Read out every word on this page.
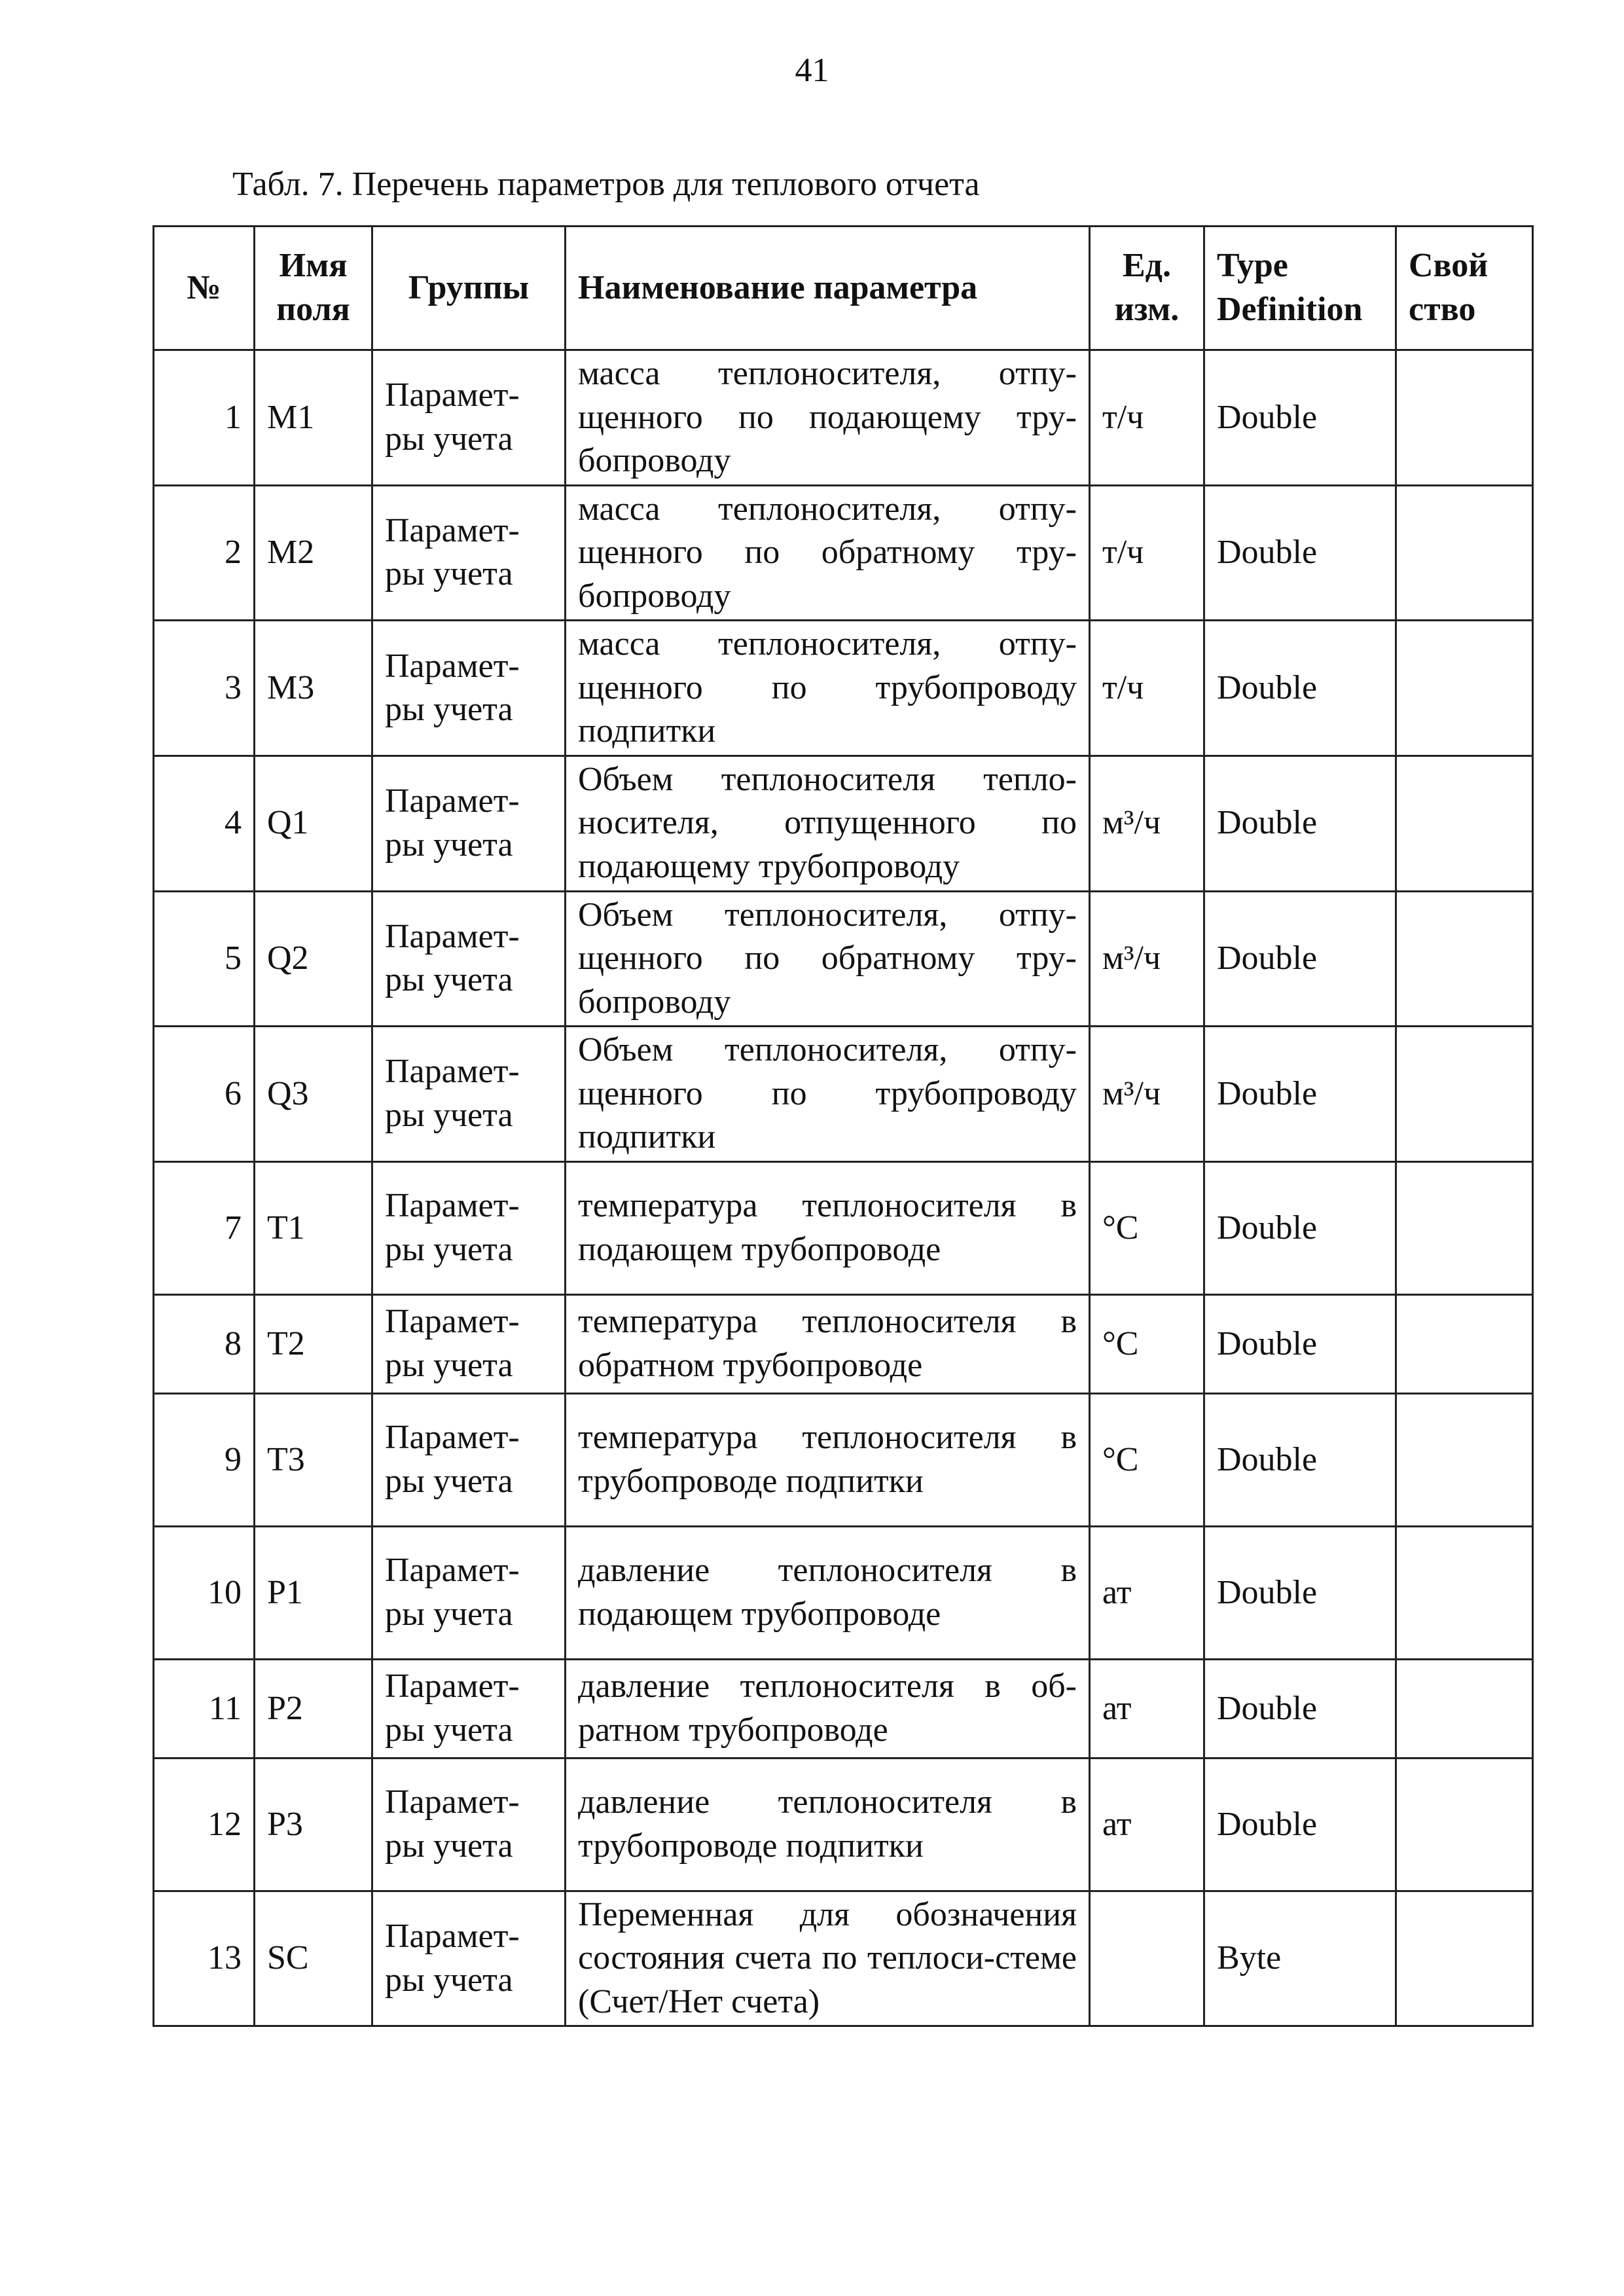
41
Табл. 7. Перечень параметров для теплового отчета
№	Имя поля	Группы	Наименование параметра	Ед. изм.	Type Definition	Свой ство
1	M1	Парамет-ры учета	масса теплоносителя, отпу-щенного по подающему тру-бопроводу	т/ч	Double	
2	M2	Парамет-ры учета	масса теплоносителя, отпу-щенного по обратному тру-бопроводу	т/ч	Double	
3	M3	Парамет-ры учета	масса теплоносителя, отпу-щенного по трубопроводу подпитки	т/ч	Double	
4	Q1	Парамет-ры учета	Объем теплоносителя тепло-носителя, отпущенного по подающему трубопроводу	м³/ч	Double	
5	Q2	Парамет-ры учета	Объем теплоносителя, отпу-щенного по обратному тру-бопроводу	м³/ч	Double	
6	Q3	Парамет-ры учета	Объем теплоносителя, отпу-щенного по трубопроводу подпитки	м³/ч	Double	
7	T1	Парамет-ры учета	температура теплоносителя в подающем трубопроводе	°С	Double	
8	T2	Парамет-ры учета	температура теплоносителя в обратном трубопроводе	°С	Double	
9	T3	Парамет-ры учета	температура теплоносителя в трубопроводе подпитки	°С	Double	
10	P1	Парамет-ры учета	давление теплоносителя в подающем трубопроводе	ат	Double	
11	P2	Парамет-ры учета	давление теплоносителя в об-ратном трубопроводе	ат	Double	
12	P3	Парамет-ры учета	давление теплоносителя в трубопроводе подпитки	ат	Double	
13	SC	Парамет-ры учета	Переменная для обозначения состояния счета по теплоси-стеме (Счет/Нет счета)		Byte	
